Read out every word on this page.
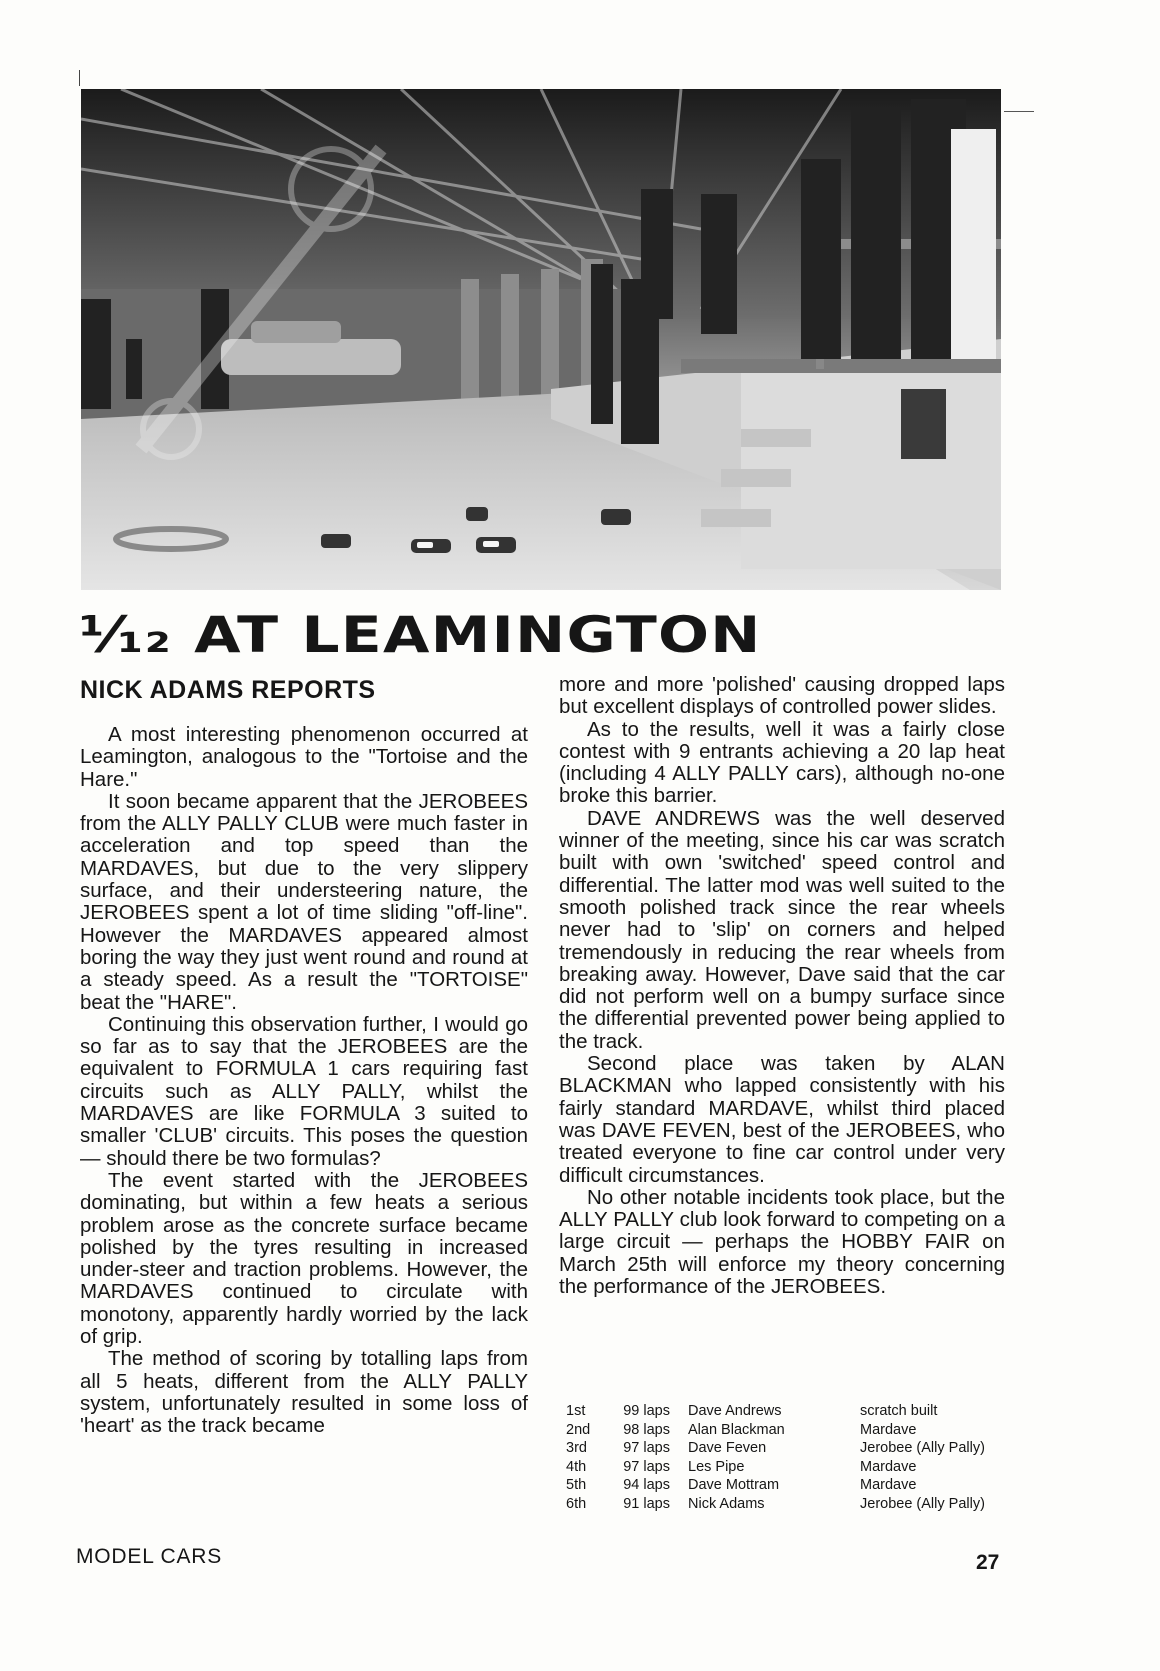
⅟₁₂ AT LEAMINGTON
NICK ADAMS REPORTS

A most interesting phenomenon occurred at Leamington, analogous to the "Tortoise and the Hare."

It soon became apparent that the JEROBEES from the ALLY PALLY CLUB were much faster in acceleration and top speed than the MARDAVES, but due to the very slippery surface, and their understeering nature, the JEROBEES spent a lot of time sliding "off-line". However the MARDAVES appeared almost boring the way they just went round and round at a steady speed. As a result the "TORTOISE" beat the "HARE".

Continuing this observation further, I would go so far as to say that the JEROBEES are the equivalent to FORMULA 1 cars requiring fast circuits such as ALLY PALLY, whilst the MARDAVES are like FORMULA 3 suited to smaller 'CLUB' circuits. This poses the question — should there be two formulas?

The event started with the JEROBEES dominating, but within a few heats a serious problem arose as the concrete surface became polished by the tyres resulting in increased under-steer and traction problems. However, the MARDAVES continued to circulate with monotony, apparently hardly worried by the lack of grip.

The method of scoring by totalling laps from all 5 heats, different from the ALLY PALLY system, unfortunately resulted in some loss of 'heart' as the track became

more and more 'polished' causing dropped laps but excellent displays of controlled power slides.

As to the results, well it was a fairly close contest with 9 entrants achieving a 20 lap heat (including 4 ALLY PALLY cars), although no-one broke this barrier.

DAVE ANDREWS was the well deserved winner of the meeting, since his car was scratch built with own 'switched' speed control and differential. The latter mod was well suited to the smooth polished track since the rear wheels never had to 'slip' on corners and helped tremendously in reducing the rear wheels from breaking away. However, Dave said that the car did not perform well on a bumpy surface since the differential prevented power being applied to the track.

Second place was taken by ALAN BLACKMAN who lapped consistently with his fairly standard MARDAVE, whilst third placed was DAVE FEVEN, best of the JEROBEES, who treated everyone to fine car control under very difficult circumstances.

No other notable incidents took place, but the ALLY PALLY club look forward to competing on a large circuit — perhaps the HOBBY FAIR on March 25th will enforce my theory concerning the performance of the JEROBEES.

1st	99 laps	Dave Andrews	scratch built
2nd	98 laps	Alan Blackman	Mardave
3rd	97 laps	Dave Feven	Jerobee (Ally Pally)
4th	97 laps	Les Pipe	Mardave
5th	94 laps	Dave Mottram	Mardave
6th	91 laps	Nick Adams	Jerobee (Ally Pally)
MODEL CARS	27
